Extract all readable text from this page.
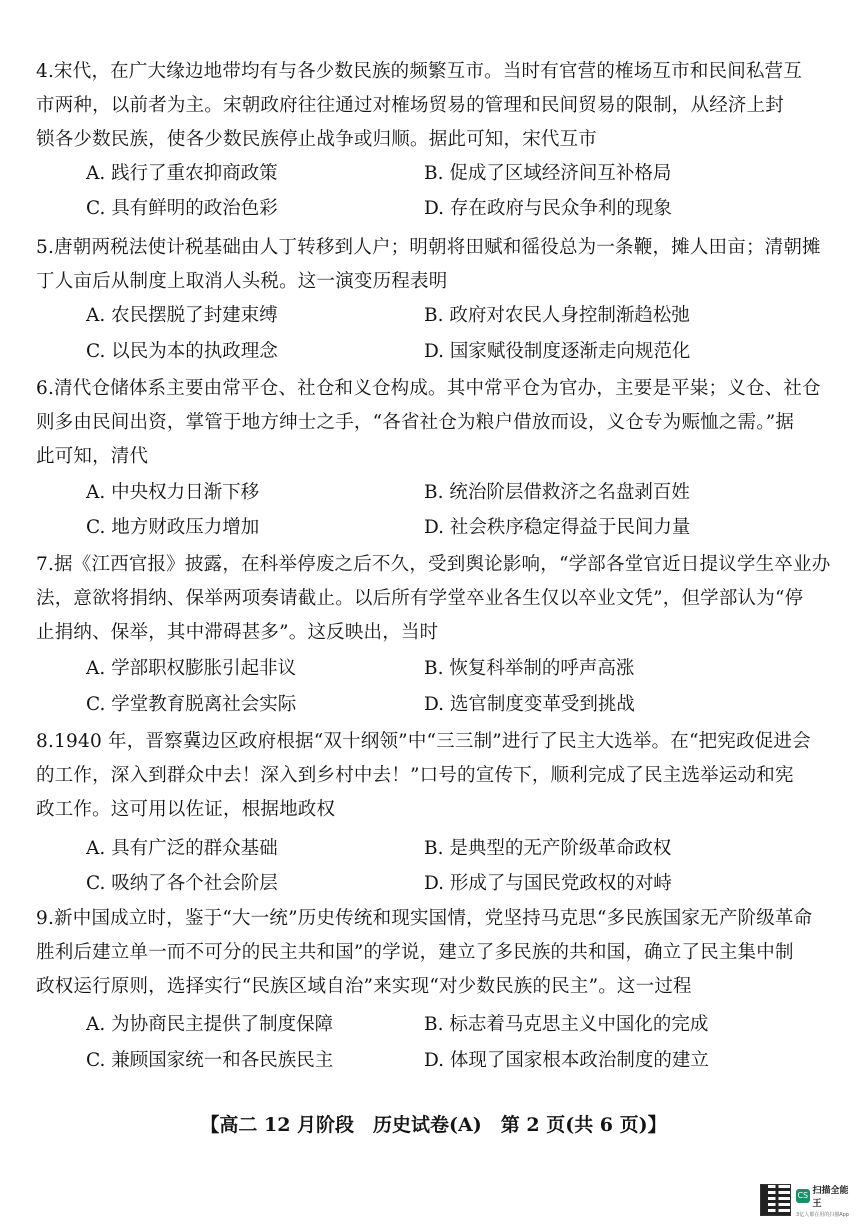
4.宋代，在广大缘边地带均有与各少数民族的频繁互市。当时有官营的榷场互市和民间私营互
市两种，以前者为主。宋朝政府往往通过对榷场贸易的管理和民间贸易的限制，从经济上封
锁各少数民族，使各少数民族停止战争或归顺。据此可知，宋代互市
A. 践行了重农抑商政策	B. 促成了区域经济间互补格局
C. 具有鲜明的政治色彩	D. 存在政府与民众争利的现象
5.唐朝两税法使计税基础由人丁转移到人户；明朝将田赋和徭役总为一条鞭，摊人田亩；清朝摊
丁人亩后从制度上取消人头税。这一演变历程表明
A. 农民摆脱了封建束缚	B. 政府对农民人身控制渐趋松弛
C. 以民为本的执政理念	D. 国家赋役制度逐渐走向规范化
6.清代仓储体系主要由常平仓、社仓和义仓构成。其中常平仓为官办，主要是平粜；义仓、社仓
则多由民间出资，掌管于地方绅士之手，“各省社仓为粮户借放而设，义仓专为赈恤之需。”据
此可知，清代
A. 中央权力日渐下移	B. 统治阶层借救济之名盘剥百姓
C. 地方财政压力增加	D. 社会秩序稳定得益于民间力量
7.据《江西官报》披露，在科举停废之后不久，受到舆论影响，“学部各堂官近日提议学生卒业办
法，意欲将捐纳、保举两项奏请截止。以后所有学堂卒业各生仅以卒业文凭”，但学部认为“停
止捐纳、保举，其中滞碍甚多”。这反映出，当时
A. 学部职权膨胀引起非议	B. 恢复科举制的呼声高涨
C. 学堂教育脱离社会实际	D. 选官制度变革受到挑战
8.1940 年，晋察冀边区政府根据“双十纲领”中“三三制”进行了民主大选举。在“把宪政促进会
的工作，深入到群众中去！深入到乡村中去！”口号的宣传下，顺利完成了民主选举运动和宪
政工作。这可用以佐证，根据地政权
A. 具有广泛的群众基础	B. 是典型的无产阶级革命政权
C. 吸纳了各个社会阶层	D. 形成了与国民党政权的对峙
9.新中国成立时，鉴于“大一统”历史传统和现实国情，党坚持马克思“多民族国家无产阶级革命
胜利后建立单一而不可分的民主共和国”的学说，建立了多民族的共和国，确立了民主集中制
政权运行原则，选择实行“民族区域自治”来实现“对少数民族的民主”。这一过程
A. 为协商民主提供了制度保障	B. 标志着马克思主义中国化的完成
C. 兼顾国家统一和各民族民主	D. 体现了国家根本政治制度的建立
【高二 12 月阶段　历史试卷(A)　第 2 页(共 6 页)】
CS 扫描全能王
3亿人都在用的扫描App
